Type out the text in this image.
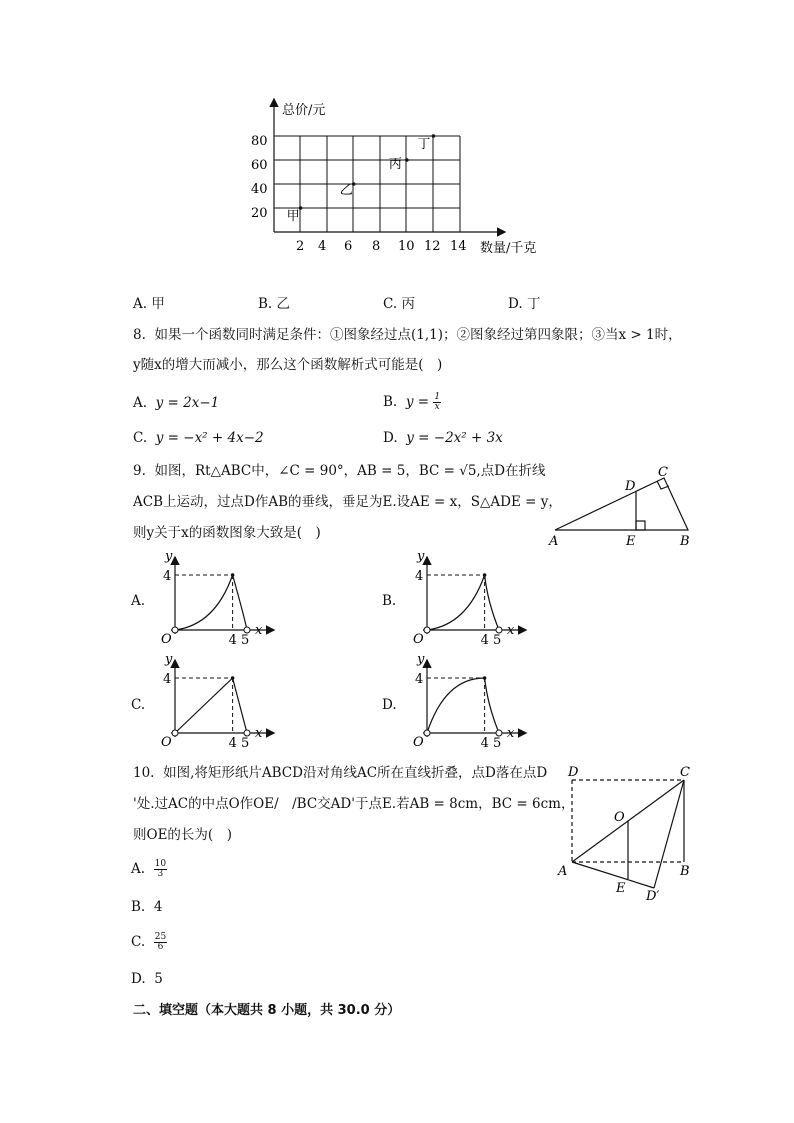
甲
乙
丙
丁
总价/元
数量/千克
20
40
60
80
2 4 6 8 10 12 14
A. 甲	B. 乙	C. 丙	D. 丁
8. 如果一个函数同时满足条件：①图象经过点(1,1)；②图象经过第四象限；③当x > 1时，
y随x的增大而减小，那么这个函数解析式可能是(　)
A. y = 2x−1	B. $y = \frac{1}{x}$
C. y = −x² + 4x−2	D. y = −2x² + 3x
9. 如图，Rt△ABC中，∠C = 90°，AB = 5，BC = √5,点D在折线
ACB上运动，过点D作AB的垂线，垂足为E.设AE = x，S△ADE = y，
则y关于x的函数图象大致是(　)
A	B
C
D
E
A.	B.
C.	D.
y
4
O	4 5
x
y
4
O	4 5
x
y
4
O	4 5
x
y
4
O	4 5
x
10. 如图,将矩形纸片ABCD沿对角线AC所在直线折叠，点D落在点D
'处.过AC的中点O作OE/　/BC交AD'于点E.若AB = 8cm，BC = 6cm，
则OE的长为(　)
D	C
O
A	B
E
D′
A. $\frac{10}{3}$
B. 4
C. $\frac{25}{6}$
D. 5
二、填空题（本大题共 8 小题，共 30.0 分）
